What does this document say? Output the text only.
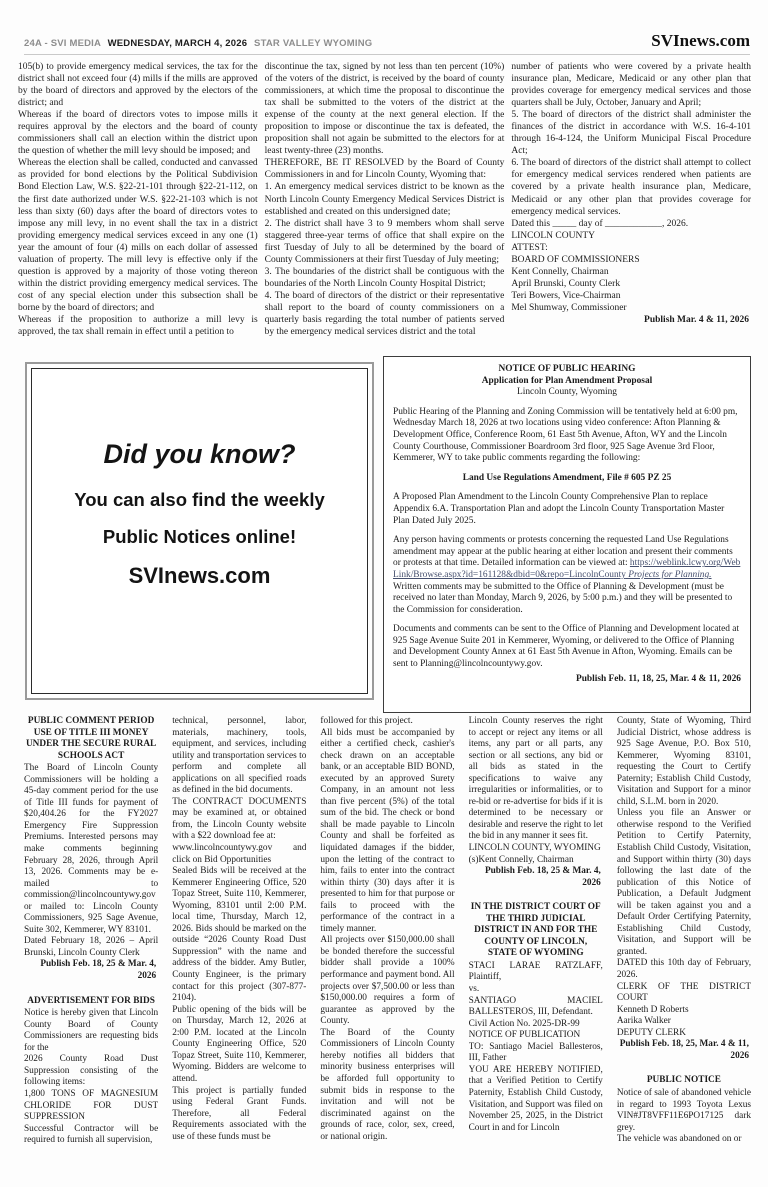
24A - SVI MEDIA WEDNESDAY, MARCH 4, 2026 STAR VALLEY WYOMING	SVInews.com
105(b) to provide emergency medical services, the tax for the district shall not exceed four (4) mills if the mills are approved by the board of directors and approved by the electors of the district; and
Whereas if the board of directors votes to impose mills it requires approval by the electors and the board of county commissioners shall call an election within the district upon the question of whether the mill levy should be imposed; and
Whereas the election shall be called, conducted and canvassed as provided for bond elections by the Political Subdivision Bond Election Law, W.S. §22-21-101 through §22-21-112, on the first date authorized under W.S. §22-21-103 which is not less than sixty (60) days after the board of directors votes to impose any mill levy, in no event shall the tax in a district providing emergency medical services exceed in any one (1) year the amount of four (4) mills on each dollar of assessed valuation of property. The mill levy is effective only if the question is approved by a majority of those voting thereon within the district providing emergency medical services. The cost of any special election under this subsection shall be borne by the board of directors; and
Whereas if the proposition to authorize a mill levy is approved, the tax shall remain in effect until a petition to
discontinue the tax, signed by not less than ten percent (10%) of the voters of the district, is received by the board of county commissioners, at which time the proposal to discontinue the tax shall be submitted to the voters of the district at the expense of the county at the next general election. If the proposition to impose or discontinue the tax is defeated, the proposition shall not again be submitted to the electors for at least twenty-three (23) months.
THEREFORE, BE IT RESOLVED by the Board of County Commissioners in and for Lincoln County, Wyoming that:
1. An emergency medical services district to be known as the North Lincoln County Emergency Medical Services District is established and created on this undersigned date;
2. The district shall have 3 to 9 members whom shall serve staggered three-year terms of office that shall expire on the first Tuesday of July to all be determined by the board of County Commissioners at their first Tuesday of July meeting;
3. The boundaries of the district shall be contiguous with the boundaries of the North Lincoln County Hospital District;
4. The board of directors of the district or their representative shall report to the board of county commissioners on a quarterly basis regarding the total number of patients served by the emergency medical services district and the total
number of patients who were covered by a private health insurance plan, Medicare, Medicaid or any other plan that provides coverage for emergency medical services and those quarters shall be July, October, January and April;
5. The board of directors of the district shall administer the finances of the district in accordance with W.S. 16-4-101 through 16-4-124, the Uniform Municipal Fiscal Procedure Act;
6. The board of directors of the district shall attempt to collect for emergency medical services rendered when patients are covered by a private health insurance plan, Medicare, Medicaid or any other plan that provides coverage for emergency medical services.
Dated this _____ day of ____________, 2026.
LINCOLN COUNTY
ATTEST:
BOARD OF COMMISSIONERS
Kent Connelly, Chairman
April Brunski, County Clerk
Teri Bowers, Vice-Chairman
Mel Shumway, Commissioner
Publish Mar. 4 & 11, 2026
Did you know?
You can also find the weekly
Public Notices online!
SVInews.com
NOTICE OF PUBLIC HEARING
Application for Plan Amendment Proposal
Lincoln County, Wyoming

Public Hearing of the Planning and Zoning Commission will be tentatively held at 6:00 pm, Wednesday March 18, 2026 at two locations using video conference: Afton Planning & Development Office, Conference Room, 61 East 5th Avenue, Afton, WY and the Lincoln County Courthouse, Commissioner Boardroom 3rd floor, 925 Sage Avenue 3rd Floor, Kemmerer, WY to take public comments regarding the following:

Land Use Regulations Amendment, File # 605 PZ 25

A Proposed Plan Amendment to the Lincoln County Comprehensive Plan to replace Appendix 6.A. Transportation Plan and adopt the Lincoln County Transportation Master Plan Dated July 2025.

Any person having comments or protests concerning the requested Land Use Regulations amendment may appear at the public hearing at either location and present their comments or protests at that time. Detailed information can be viewed at: https://weblink.lcwy.org/WebLink/Browse.aspx?id=161128&dbid=0&repo=LincolnCounty Projects for Planning. Written comments may be submitted to the Office of Planning & Development (must be received no later than Monday, March 9, 2026, by 5:00 p.m.) and they will be presented to the Commission for consideration.

Documents and comments can be sent to the Office of Planning and Development located at 925 Sage Avenue Suite 201 in Kemmerer, Wyoming, or delivered to the Office of Planning and Development County Annex at 61 East 5th Avenue in Afton, Wyoming. Emails can be sent to Planning@lincolncountywy.gov.

Publish Feb. 11, 18, 25, Mar. 4 & 11, 2026
PUBLIC COMMENT PERIOD USE OF TITLE III MONEY UNDER THE SECURE RURAL SCHOOLS ACT
The Board of Lincoln County Commissioners will be holding a 45-day comment period for the use of Title III funds for payment of $20,404.26 for the FY2027 Emergency Fire Suppression Premiums. Interested persons may make comments beginning February 28, 2026, through April 13, 2026. Comments may be e-mailed to commission@lincolncountywy.gov or mailed to: Lincoln County Commissioners, 925 Sage Avenue, Suite 302, Kemmerer, WY 83101.
Dated February 18, 2026 – April Brunski, Lincoln County Clerk
Publish Feb. 18, 25 & Mar. 4, 2026
ADVERTISEMENT FOR BIDS
Notice is hereby given that Lincoln County Board of County Commissioners are requesting bids for the
2026 County Road Dust Suppression consisting of the following items:
1,800 TONS OF MAGNESIUM CHLORIDE FOR DUST SUPPRESSION
Successful Contractor will be required to furnish all supervision,
technical, personnel, labor, materials, machinery, tools, equipment, and services, including utility and transportation services to perform and complete all applications on all specified roads as defined in the bid documents.
The CONTRACT DOCUMENTS may be examined at, or obtained from, the Lincoln County website with a $22 download fee at:
www.lincolncountywy.gov and click on Bid Opportunities
Sealed Bids will be received at the Kemmerer Engineering Office, 520 Topaz Street, Suite 110, Kemmerer, Wyoming, 83101 until 2:00 P.M. local time, Thursday, March 12, 2026. Bids should be marked on the outside “2026 County Road Dust Suppression” with the name and address of the bidder. Amy Butler, County Engineer, is the primary contact for this project (307-877-2104).
Public opening of the bids will be on Thursday, March 12, 2026 at 2:00 P.M. located at the Lincoln County Engineering Office, 520 Topaz Street, Suite 110, Kemmerer, Wyoming. Bidders are welcome to attend.
This project is partially funded using Federal Grant Funds. Therefore, all Federal Requirements associated with the use of these funds must be
followed for this project.
All bids must be accompanied by either a certified check, cashier's check drawn on an acceptable bank, or an acceptable BID BOND, executed by an approved Surety Company, in an amount not less than five percent (5%) of the total sum of the bid. The check or bond shall be made payable to Lincoln County and shall be forfeited as liquidated damages if the bidder, upon the letting of the contract to him, fails to enter into the contract within thirty (30) days after it is presented to him for that purpose or fails to proceed with the performance of the contract in a timely manner.
All projects over $150,000.00 shall be bonded therefore the successful bidder shall provide a 100% performance and payment bond. All projects over $7,500.00 or less than $150,000.00 requires a form of guarantee as approved by the County.
The Board of the County Commissioners of Lincoln County hereby notifies all bidders that minority business enterprises will be afforded full opportunity to submit bids in response to the invitation and will not be discriminated against on the grounds of race, color, sex, creed, or national origin.
Lincoln County reserves the right to accept or reject any items or all items, any part or all parts, any section or all sections, any bid or all bids as stated in the specifications to waive any irregularities or informalities, or to re-bid or re-advertise for bids if it is determined to be necessary or desirable and reserve the right to let the bid in any manner it sees fit.
LINCOLN COUNTY, WYOMING
(s)Kent Connelly, Chairman
Publish Feb. 18, 25 & Mar. 4, 2026
IN THE DISTRICT COURT OF THE THIRD JUDICIAL DISTRICT IN AND FOR THE COUNTY OF LINCOLN, STATE OF WYOMING
STACI LARAE RATZLAFF, Plaintiff,
vs.
SANTIAGO MACIEL BALLESTEROS, III, Defendant.
Civil Action No. 2025-DR-99
NOTICE OF PUBLICATION
TO: Santiago Maciel Ballesteros, III, Father
YOU ARE HEREBY NOTIFIED, that a Verified Petition to Certify Paternity, Establish Child Custody, Visitation, and Support was filed on November 25, 2025, in the District Court in and for Lincoln
County, State of Wyoming, Third Judicial District, whose address is 925 Sage Avenue, P.O. Box 510, Kemmerer, Wyoming 83101, requesting the Court to Certify Paternity; Establish Child Custody, Visitation and Support for a minor child, S.L.M. born in 2020.
Unless you file an Answer or otherwise respond to the Verified Petition to Certify Paternity, Establish Child Custody, Visitation, and Support within thirty (30) days following the last date of the publication of this Notice of Publication, a Default Judgment will be taken against you and a Default Order Certifying Paternity, Establishing Child Custody, Visitation, and Support will be granted.
DATED this 10th day of February, 2026.
CLERK OF THE DISTRICT COURT
Kenneth D Roberts
Aarika Walker
DEPUTY CLERK
Publish Feb. 18, 25, Mar. 4 & 11, 2026
PUBLIC NOTICE
Notice of sale of abandoned vehicle in regard to 1993 Toyota Lexus VIN#JT8VFF11E6PO17125 dark grey.
The vehicle was abandoned on or
